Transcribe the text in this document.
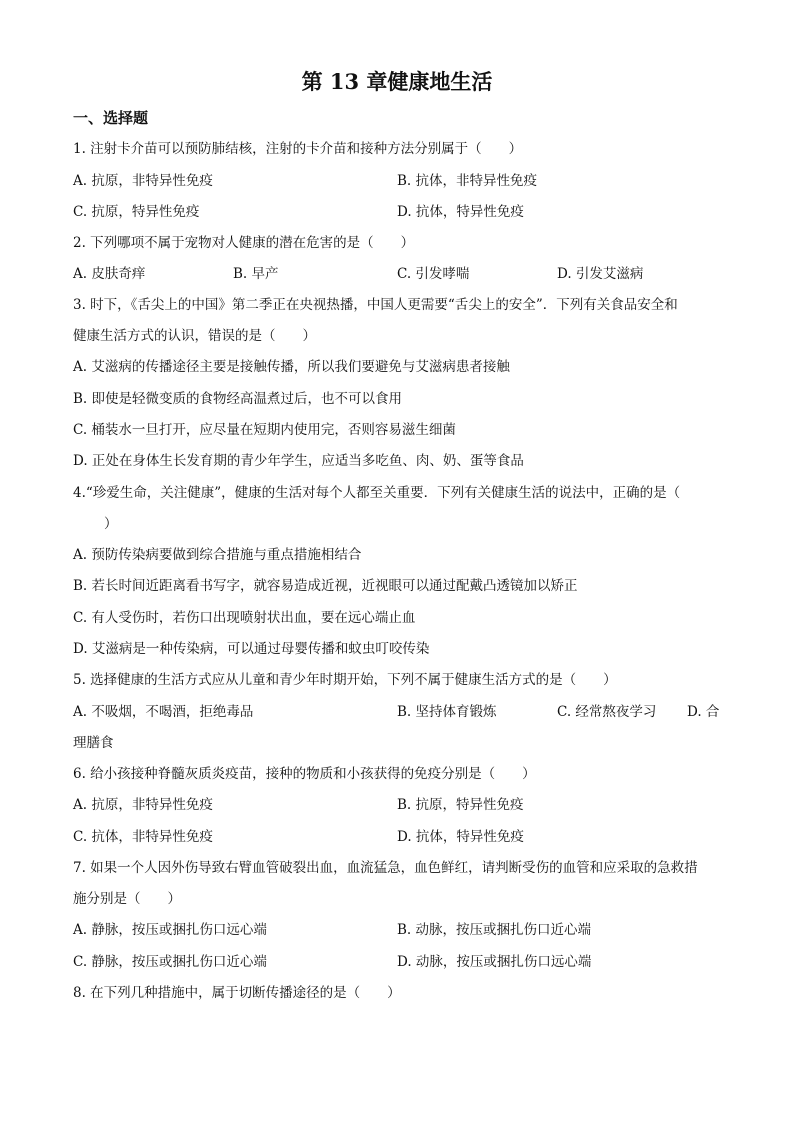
第 13 章健康地生活
一、选择题
1. 注射卡介苗可以预防肺结核，注射的卡介苗和接种方法分别属于（　　）
A. 抗原，非特异性免疫	B. 抗体，非特异性免疫
C. 抗原，特异性免疫	D. 抗体，特异性免疫
2. 下列哪项不属于宠物对人健康的潜在危害的是（　　）
A. 皮肤奇痒	B. 早产	C. 引发哮喘	D. 引发艾滋病
3. 时下，《舌尖上的中国》第二季正在央视热播，中国人更需要“舌尖上的安全”．下列有关食品安全和
健康生活方式的认识，错误的是（　　）
A. 艾滋病的传播途径主要是接触传播，所以我们要避免与艾滋病患者接触
B. 即使是轻微变质的食物经高温煮过后，也不可以食用
C. 桶装水一旦打开，应尽量在短期内使用完，否则容易滋生细菌
D. 正处在身体生长发育期的青少年学生，应适当多吃鱼、肉、奶、蛋等食品
4.“珍爱生命，关注健康”，健康的生活对每个人都至关重要．下列有关健康生活的说法中，正确的是（
）
A. 预防传染病要做到综合措施与重点措施相结合
B. 若长时间近距离看书写字，就容易造成近视，近视眼可以通过配戴凸透镜加以矫正
C. 有人受伤时，若伤口出现喷射状出血，要在远心端止血
D. 艾滋病是一种传染病，可以通过母婴传播和蚊虫叮咬传染
5. 选择健康的生活方式应从儿童和青少年时期开始，下列不属于健康生活方式的是（　　）
A. 不吸烟，不喝酒，拒绝毒品	B. 坚持体育锻炼	C. 经常熬夜学习 D. 合
理膳食
6. 给小孩接种脊髓灰质炎疫苗，接种的物质和小孩获得的免疫分别是（　　）
A. 抗原，非特异性免疫	B. 抗原，特异性免疫
C. 抗体，非特异性免疫	D. 抗体，特异性免疫
7. 如果一个人因外伤导致右臂血管破裂出血，血流猛急，血色鲜红，请判断受伤的血管和应采取的急救措
施分别是（　　）
A. 静脉，按压或捆扎伤口远心端	B. 动脉，按压或捆扎伤口近心端
C. 静脉，按压或捆扎伤口近心端	D. 动脉，按压或捆扎伤口远心端
8. 在下列几种措施中，属于切断传播途径的是（　　）
